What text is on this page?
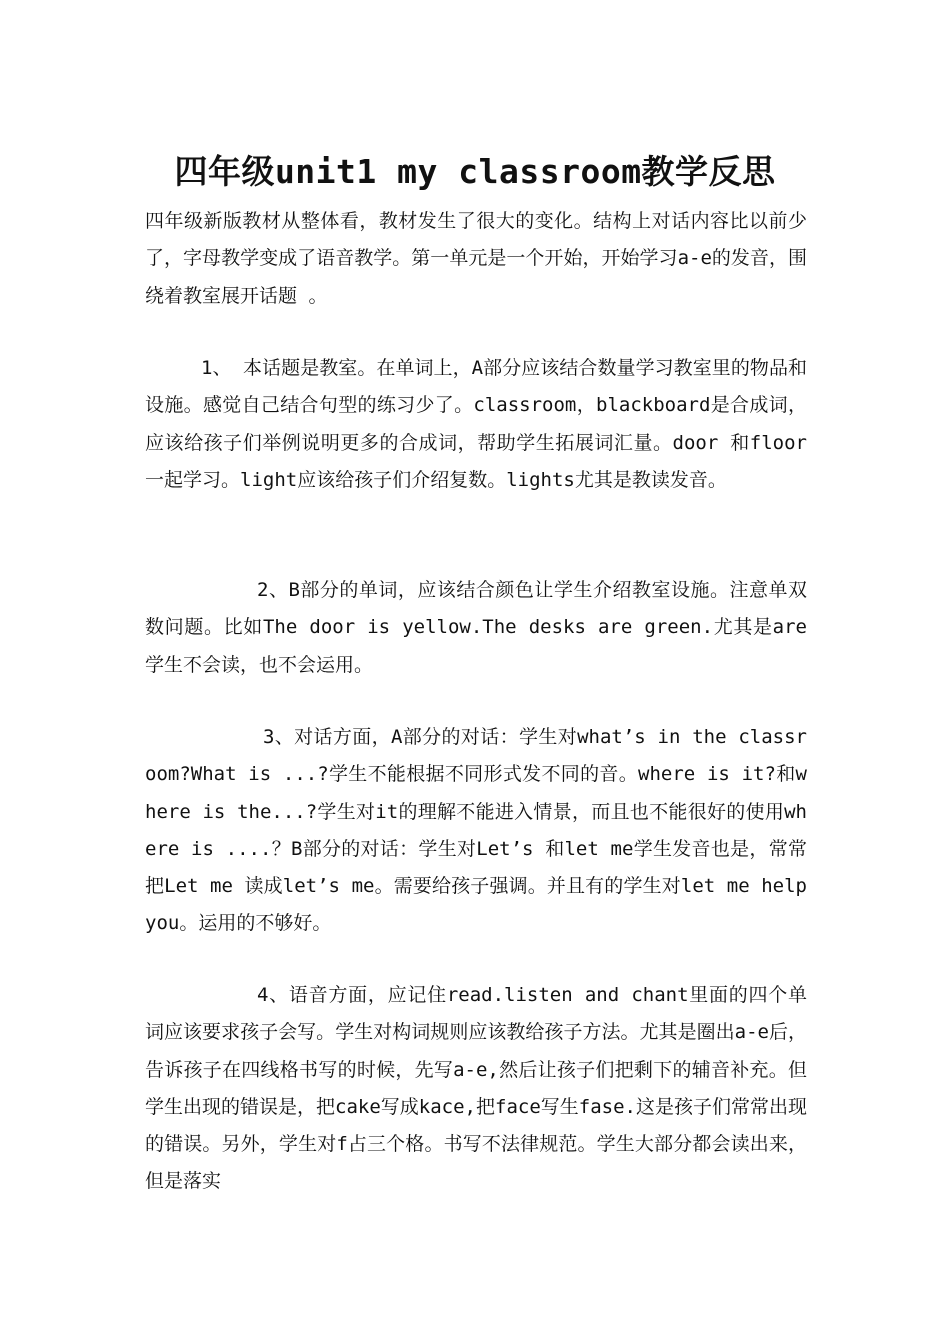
四年级unit1 my classroom教学反思

四年级新版教材从整体看，教材发生了很大的变化。结构上对话内容比以前少了，字母教学变成了语音教学。第一单元是一个开始，开始学习a-e的发音，围绕着教室展开话题 。

1、 本话题是教室。在单词上，A部分应该结合数量学习教室里的物品和设施。感觉自己结合句型的练习少了。classroom，blackboard是合成词，应该给孩子们举例说明更多的合成词，帮助学生拓展词汇量。door 和floor一起学习。light应该给孩子们介绍复数。lights尤其是教读发音。

2、B部分的单词，应该结合颜色让学生介绍教室设施。注意单双数问题。比如The door is yellow.The desks are green.尤其是are学生不会读，也不会运用。

3、对话方面，A部分的对话：学生对what’s in the classroom?What is ...?学生不能根据不同形式发不同的音。where is it?和where is the...?学生对it的理解不能进入情景，而且也不能很好的使用where is ....？B部分的对话：学生对Let’s 和let me学生发音也是，常常把Let me 读成let’s me。需要给孩子强调。并且有的学生对let me help you。运用的不够好。

4、语音方面，应记住read.listen and chant里面的四个单词应该要求孩子会写。学生对构词规则应该教给孩子方法。尤其是圈出a-e后，告诉孩子在四线格书写的时候，先写a-e,然后让孩子们把剩下的辅音补充。但学生出现的错误是，把cake写成kace,把face写生fase.这是孩子们常常出现的错误。另外，学生对f占三个格。书写不法律规范。学生大部分都会读出来，但是落实
